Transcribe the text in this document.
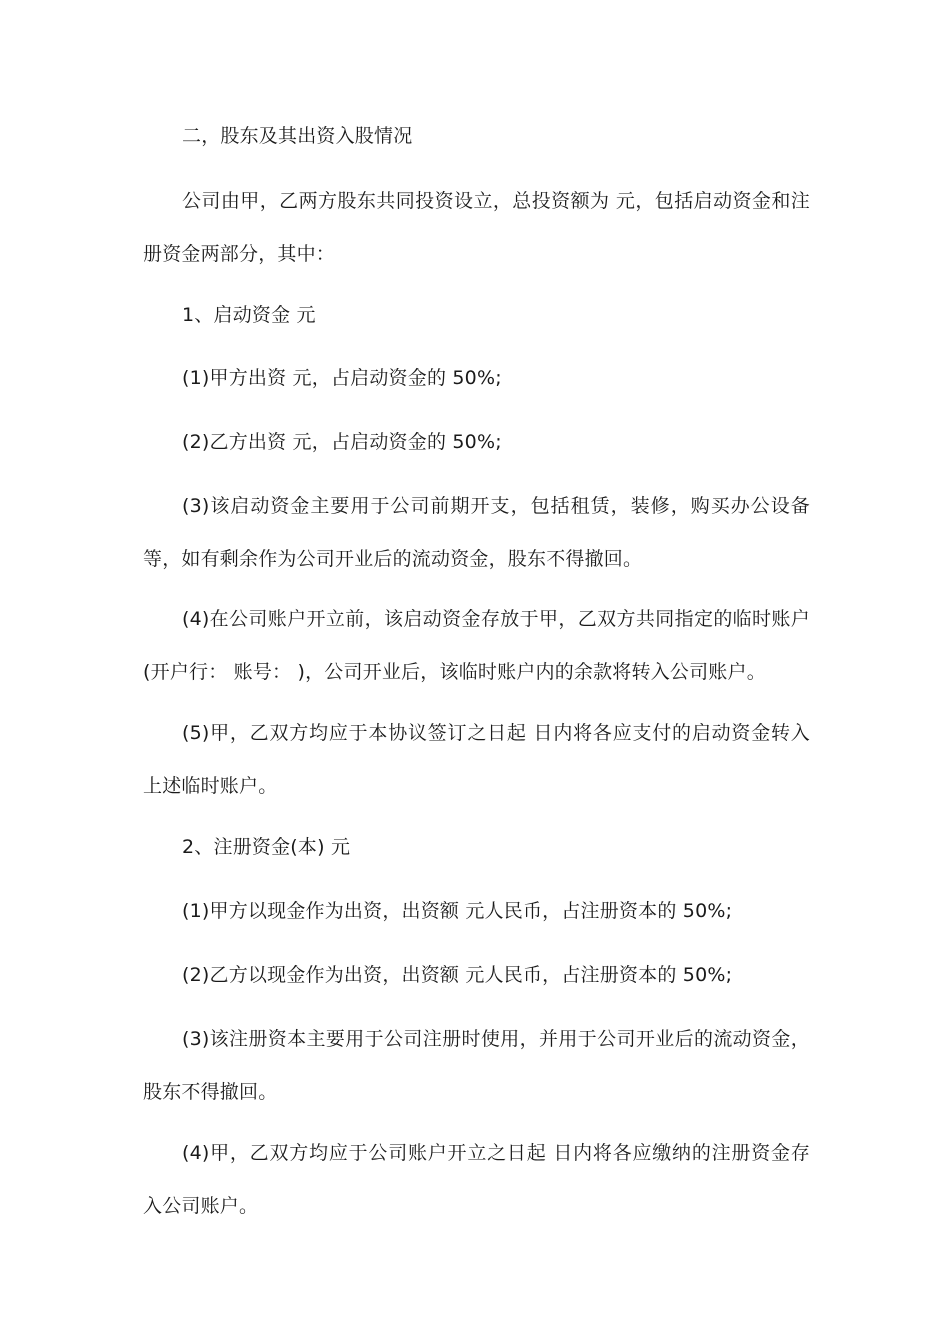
二，股东及其出资入股情况

公司由甲，乙两方股东共同投资设立，总投资额为 元，包括启动资金和注册资金两部分，其中：

1、启动资金 元

(1)甲方出资 元，占启动资金的 50%;

(2)乙方出资 元，占启动资金的 50%;

(3)该启动资金主要用于公司前期开支，包括租赁，装修，购买办公设备等，如有剩余作为公司开业后的流动资金，股东不得撤回。

(4)在公司账户开立前，该启动资金存放于甲，乙双方共同指定的临时账户(开户行： 账号： )，公司开业后，该临时账户内的余款将转入公司账户。

(5)甲，乙双方均应于本协议签订之日起 日内将各应支付的启动资金转入上述临时账户。

2、注册资金(本) 元

(1)甲方以现金作为出资，出资额 元人民币，占注册资本的 50%;

(2)乙方以现金作为出资，出资额 元人民币，占注册资本的 50%;

(3)该注册资本主要用于公司注册时使用，并用于公司开业后的流动资金，股东不得撤回。

(4)甲，乙双方均应于公司账户开立之日起 日内将各应缴纳的注册资金存入公司账户。
